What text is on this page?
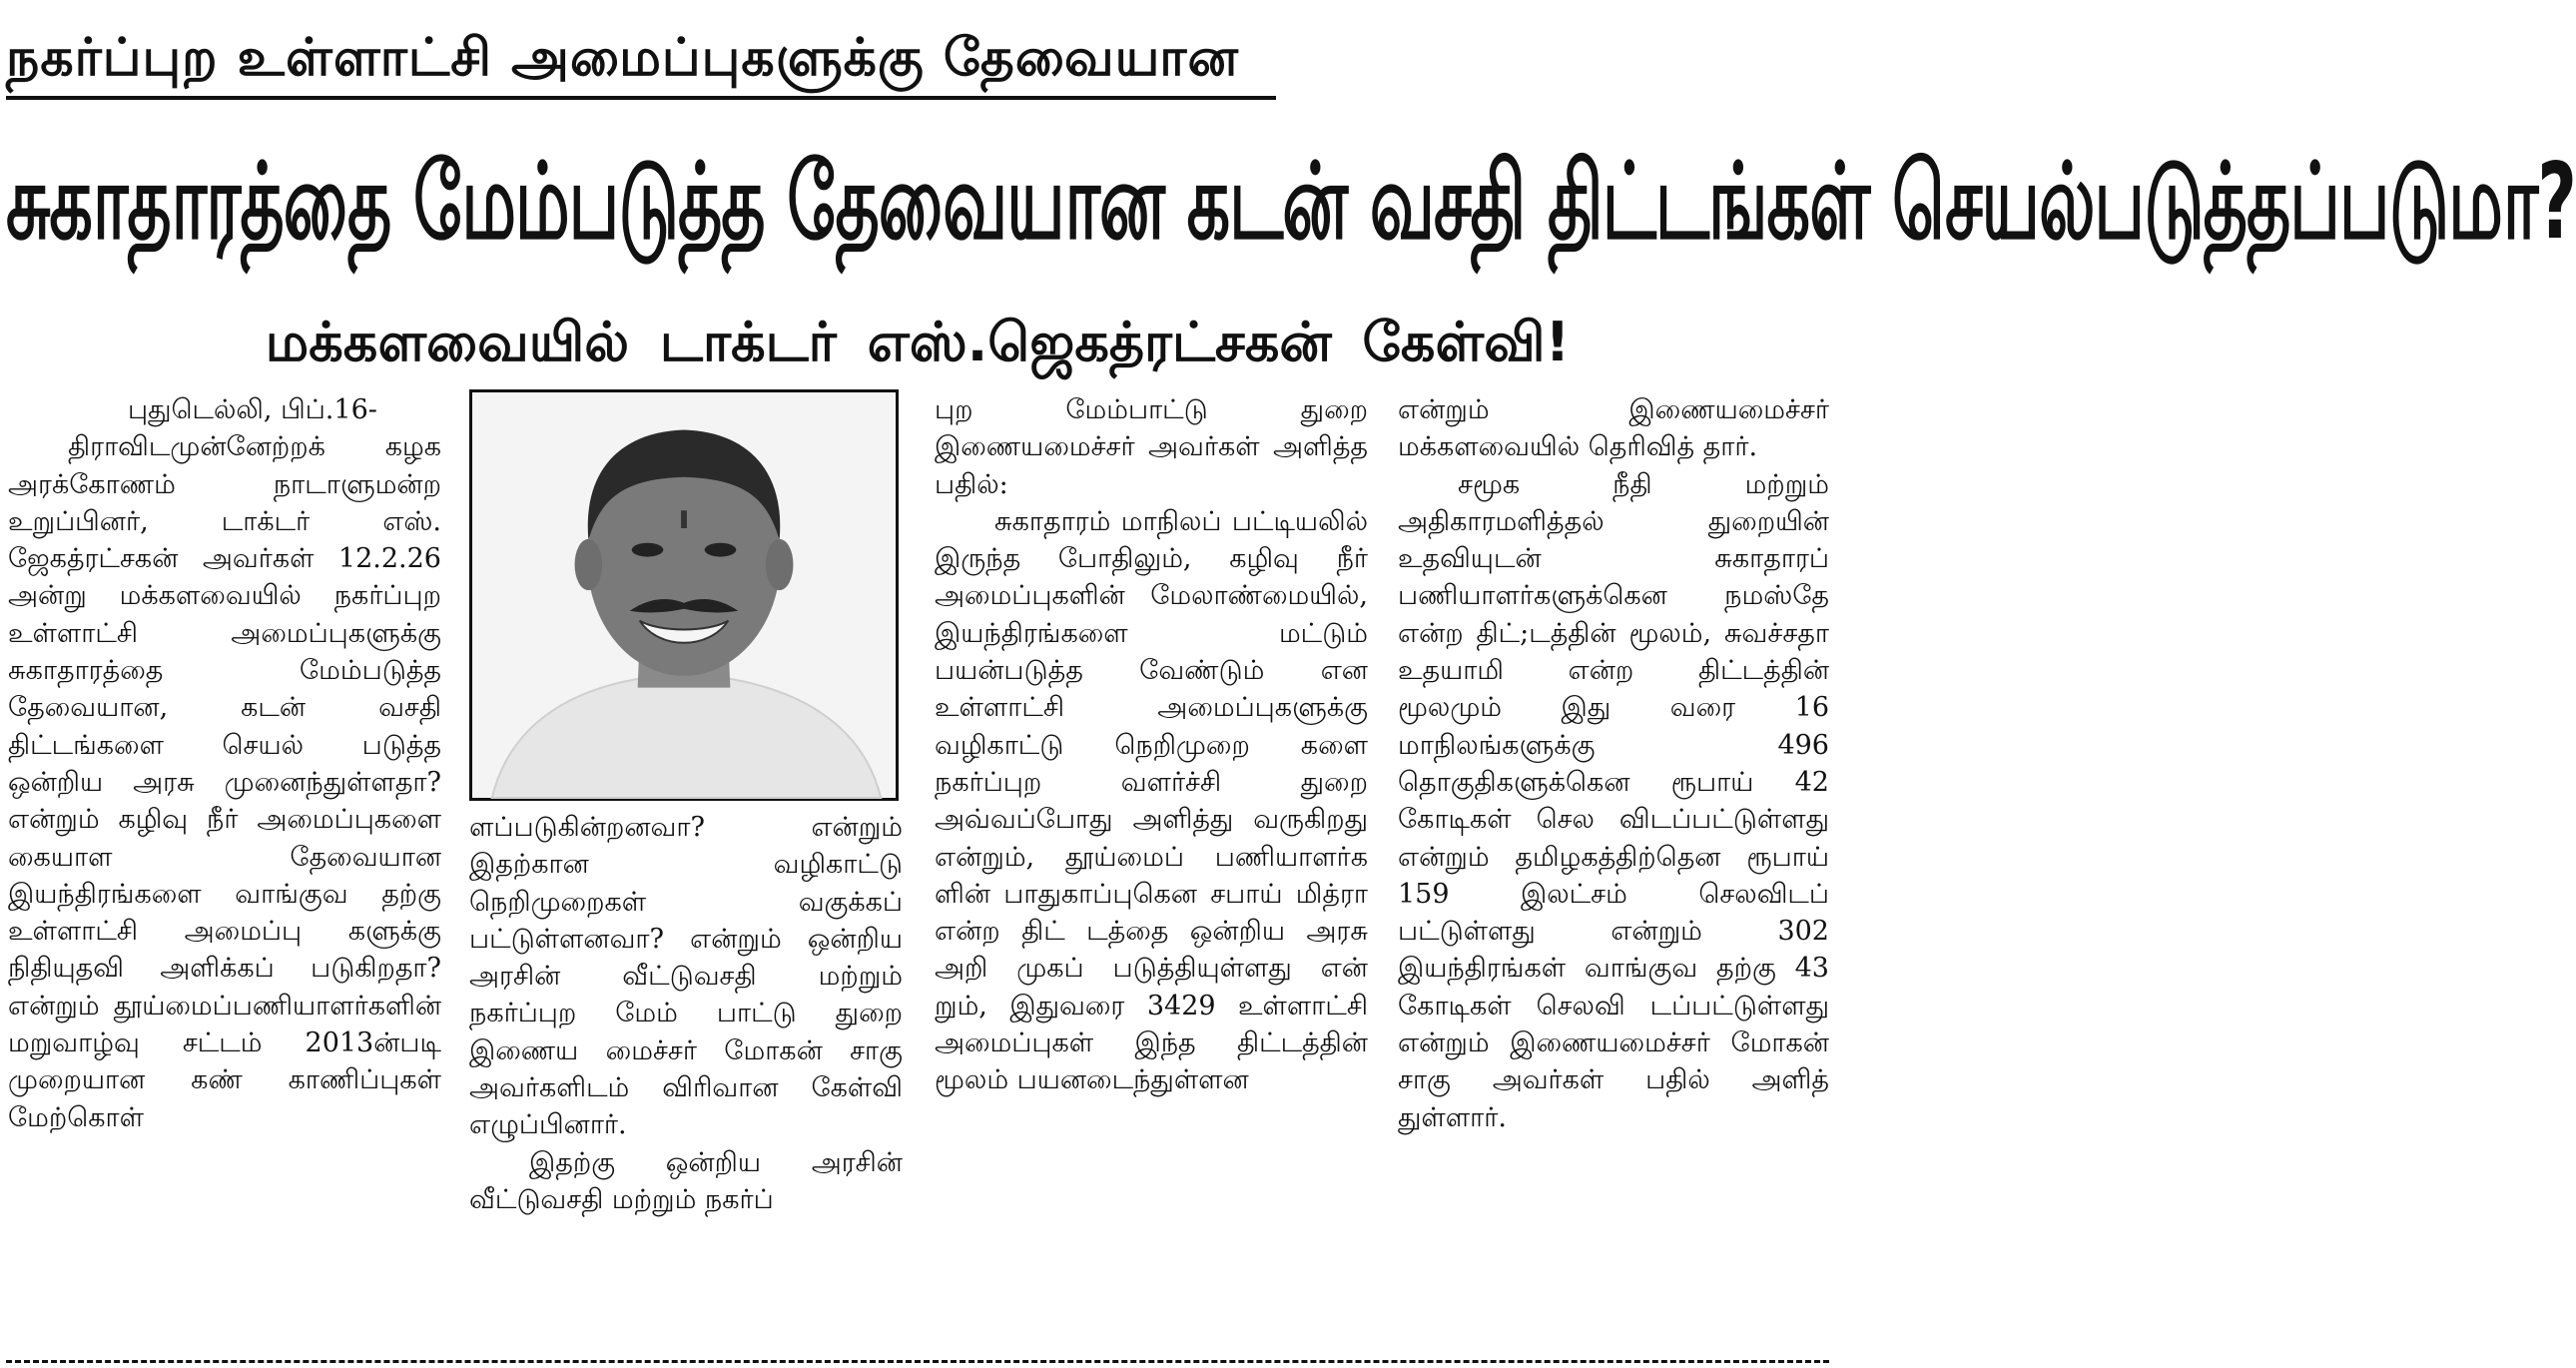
நகர்ப்புற உள்ளாட்சி அமைப்புகளுக்கு தேவையான
சுகாதாரத்தை மேம்படுத்த தேவையான கடன் வசதி திட்டங்கள் செயல்படுத்தப்படுமா?
மக்களவையில் டாக்டர் எஸ்.ஜெகத்ரட்சகன் கேள்வி!

புதுடெல்லி, பிப்.16-

திராவிடமுன்னேற்றக் கழக அரக்கோணம் நாடாளுமன்ற உறுப்பினர், டாக்டர் எஸ். ஜேகத்ரட்சகன் அவர்கள் 12.2.26 அன்று மக்களவையில் நகர்ப்புற உள்ளாட்சி அமைப்புகளுக்கு சுகாதாரத்தை மேம்படுத்த தேவையான, கடன் வசதி திட்டங்களை செயல் படுத்த ஒன்றிய அரசு முனைந்துள்ளதா? என்றும் கழிவு நீர் அமைப்புகளை கையாள தேவையான இயந்திரங்களை வாங்குவ தற்கு உள்ளாட்சி அமைப்பு களுக்கு நிதியுதவி அளிக்கப் படுகிறதா? என்றும் தூய்மைப்பணியாளர்களின் மறுவாழ்வு சட்டம் 2013ன்படி முறையான கண் காணிப்புகள் மேற்கொள்

ளப்படுகின்றனவா? என்றும் இதற்கான வழிகாட்டு நெறிமுறைகள் வகுக்கப் பட்டுள்ளனவா? என்றும் ஒன்றிய அரசின் வீட்டுவசதி மற்றும் நகர்ப்புற மேம் பாட்டு துறை இணைய மைச்சர் மோகன் சாகு அவர்களிடம் விரிவான கேள்வி எழுப்பினார்.

இதற்கு ஒன்றிய அரசின் வீட்டுவசதி மற்றும் நகர்ப்

புற மேம்பாட்டு துறை இணையமைச்சர் அவர்கள் அளித்த பதில்:

சுகாதாரம் மாநிலப் பட்டியலில் இருந்த போதிலும், கழிவு நீர் அமைப்புகளின் மேலாண்மையில், இயந்திரங்களை மட்டும் பயன்படுத்த வேண்டும் என உள்ளாட்சி அமைப்புகளுக்கு வழிகாட்டு நெறிமுறை களை நகர்ப்புற வளர்ச்சி துறை அவ்வப்போது அளித்து வருகிறது என்றும், தூய்மைப் பணியாளர்க ளின் பாதுகாப்புகென சபாய் மித்ரா என்ற திட் டத்தை ஒன்றிய அரசு அறி முகப் படுத்தியுள்ளது என் றும், இதுவரை 3429 உள்ளாட்சி அமைப்புகள் இந்த திட்டத்தின் மூலம் பயனடைந்துள்ளன

என்றும் இணையமைச்சர் மக்களவையில் தெரிவித் தார்.

சமூக நீதி மற்றும் அதிகாரமளித்தல் துறையின் உதவியுடன் சுகாதாரப் பணியாளர்களுக்கென நமஸ்தே என்ற திட்;டத்தின் மூலம், சுவச்சதா உதயாமி என்ற திட்டத்தின் மூலமும் இது வரை 16 மாநிலங்களுக்கு 496 தொகுதிகளுக்கென ரூபாய் 42 கோடிகள் செல விடப்பட்டுள்ளது என்றும் தமிழகத்திற்தென ரூபாய் 159 இலட்சம் செலவிடப் பட்டுள்ளது என்றும் 302 இயந்திரங்கள் வாங்குவ தற்கு 43 கோடிகள் செலவி டப்பட்டுள்ளது என்றும் இணையமைச்சர் மோகன் சாகு அவர்கள் பதில் அளித் துள்ளார்.
